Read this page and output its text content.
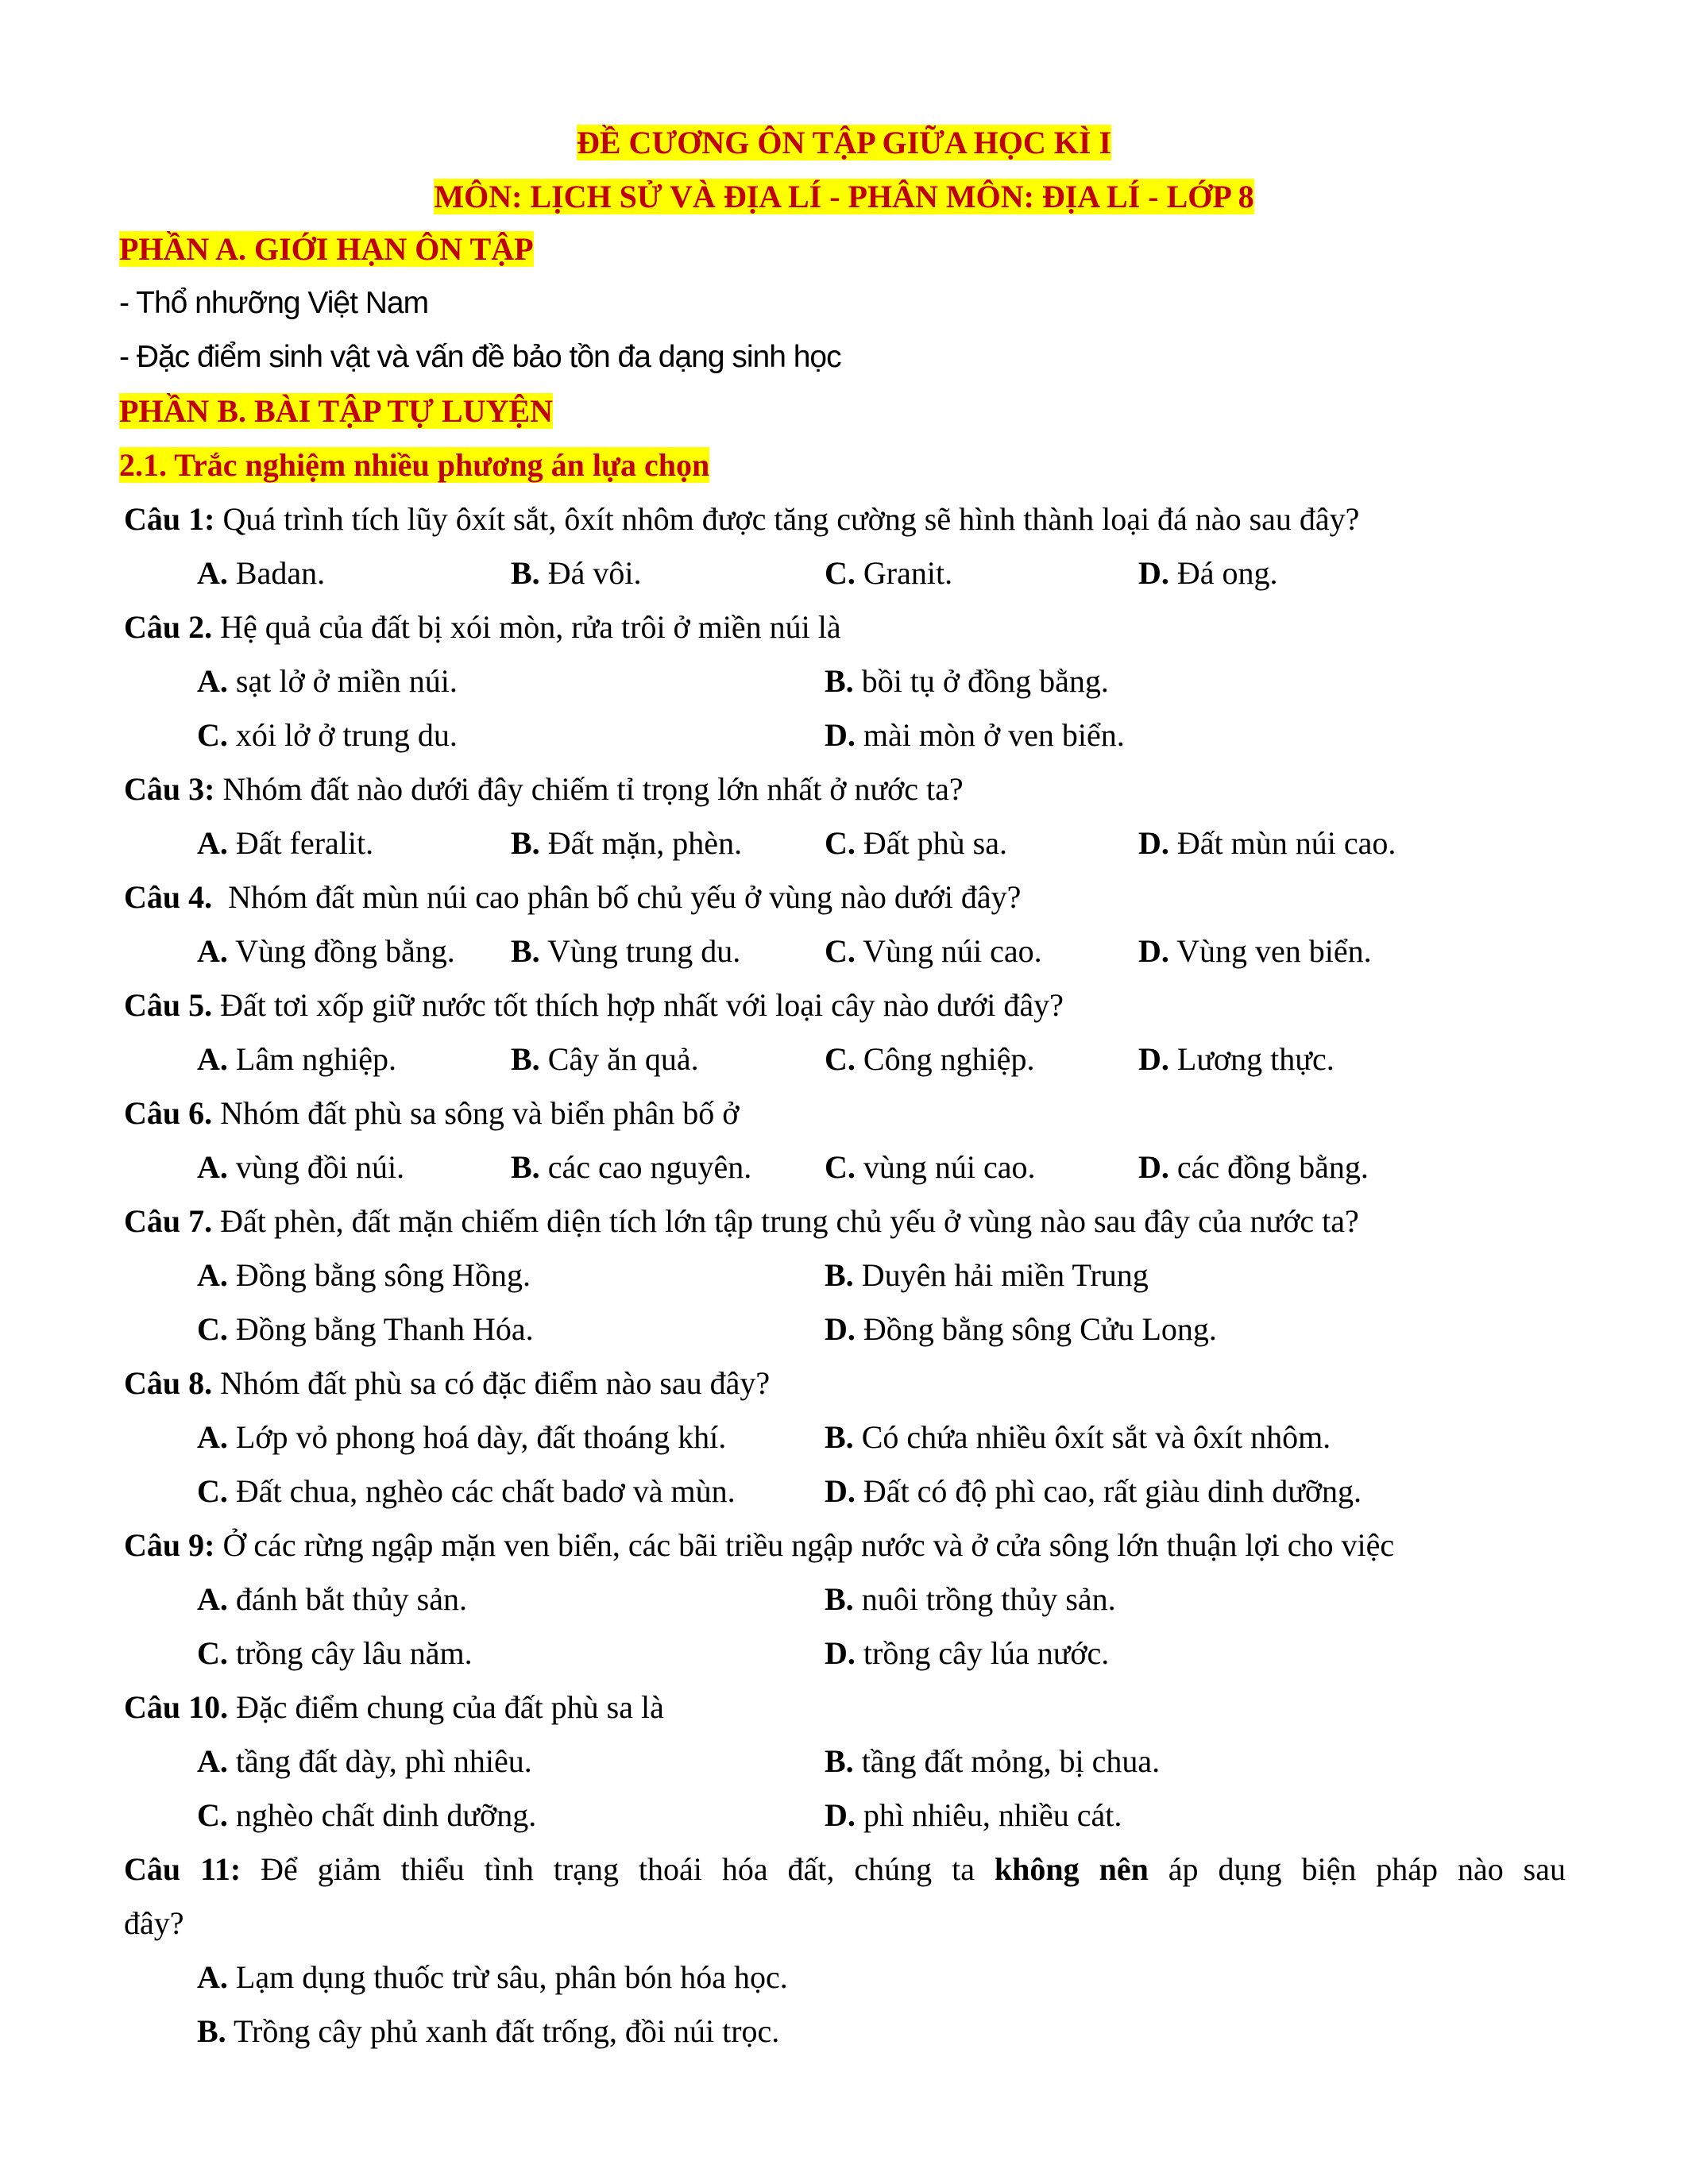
ĐỀ CƯƠNG ÔN TẬP GIỮA HỌC KÌ I
MÔN: LỊCH SỬ VÀ ĐỊA LÍ - PHÂN MÔN: ĐỊA LÍ - LỚP 8
PHẦN A. GIỚI HẠN ÔN TẬP
- Thổ nhưỡng Việt Nam
- Đặc điểm sinh vật và vấn đề bảo tồn đa dạng sinh học
PHẦN B. BÀI TẬP TỰ LUYỆN
2.1. Trắc nghiệm nhiều phương án lựa chọn
Câu 1: Quá trình tích lũy ôxít sắt, ôxít nhôm được tăng cường sẽ hình thành loại đá nào sau đây?
A. Badan.	B. Đá vôi.	C. Granit.	D. Đá ong.
Câu 2. Hệ quả của đất bị xói mòn, rửa trôi ở miền núi là
A. sạt lở ở miền núi.	B. bồi tụ ở đồng bằng.
C. xói lở ở trung du.	D. mài mòn ở ven biển.
Câu 3: Nhóm đất nào dưới đây chiếm tỉ trọng lớn nhất ở nước ta?
A. Đất feralit.	B. Đất mặn, phèn.	C. Đất phù sa.	D. Đất mùn núi cao.
Câu 4.  Nhóm đất mùn núi cao phân bố chủ yếu ở vùng nào dưới đây?
A. Vùng đồng bằng. B. Vùng trung du.	C. Vùng núi cao.	D. Vùng ven biển.
Câu 5. Đất tơi xốp giữ nước tốt thích hợp nhất với loại cây nào dưới đây?
A. Lâm nghiệp.	B. Cây ăn quả.	C. Công nghiệp.	D. Lương thực.
Câu 6. Nhóm đất phù sa sông và biển phân bố ở
A. vùng đồi núi.	B. các cao nguyên. C. vùng núi cao.	D. các đồng bằng.
Câu 7. Đất phèn, đất mặn chiếm diện tích lớn tập trung chủ yếu ở vùng nào sau đây của nước ta?
A. Đồng bằng sông Hồng.	B. Duyên hải miền Trung
C. Đồng bằng Thanh Hóa.	D. Đồng bằng sông Cửu Long.
Câu 8. Nhóm đất phù sa có đặc điểm nào sau đây?
A. Lớp vỏ phong hoá dày, đất thoáng khí.	B. Có chứa nhiều ôxít sắt và ôxít nhôm.
C. Đất chua, nghèo các chất badơ và mùn.	D. Đất có độ phì cao, rất giàu dinh dưỡng.
Câu 9: Ở các rừng ngập mặn ven biển, các bãi triều ngập nước và ở cửa sông lớn thuận lợi cho việc
A. đánh bắt thủy sản.	B. nuôi trồng thủy sản.
C. trồng cây lâu năm.	D. trồng cây lúa nước.
Câu 10. Đặc điểm chung của đất phù sa là
A. tầng đất dày, phì nhiêu.	B. tầng đất mỏng, bị chua.
C. nghèo chất dinh dưỡng.	D. phì nhiêu, nhiều cát.
Câu 11: Để giảm thiểu tình trạng thoái hóa đất, chúng ta không nên áp dụng biện pháp nào sau
đây?
A. Lạm dụng thuốc trừ sâu, phân bón hóa học.
B. Trồng cây phủ xanh đất trống, đồi núi trọc.
